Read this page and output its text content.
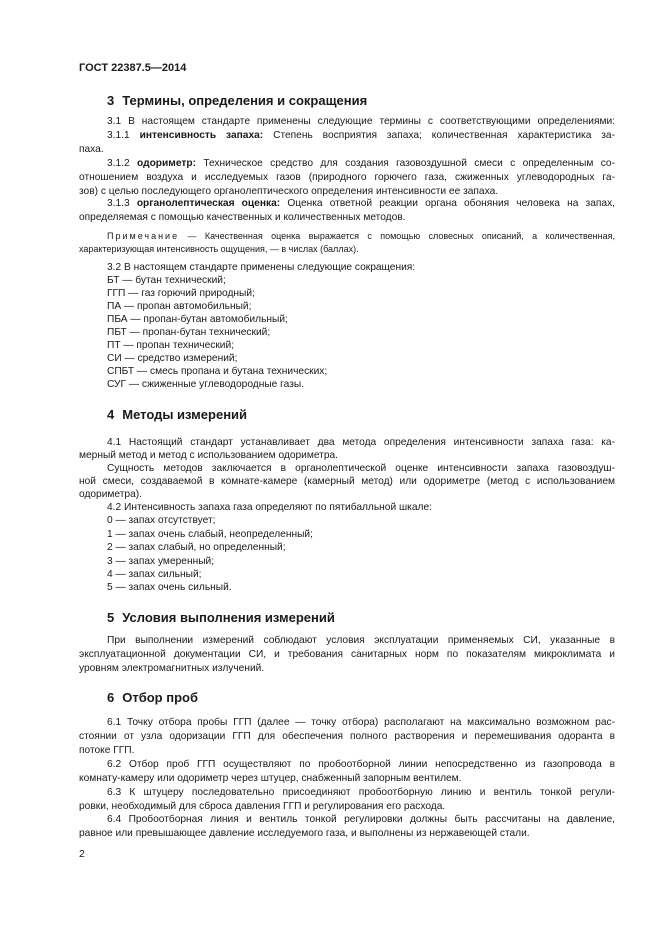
ГОСТ 22387.5—2014
3 Термины, определения и сокращения
3.1 В настоящем стандарте применены следующие термины с соответствующими определениями:
3.1.1 интенсивность запаха: Степень восприятия запаха; количественная характеристика за-
паха.
3.1.2 одориметр: Техническое средство для создания газовоздушной смеси с определенным со-
отношением воздуха и исследуемых газов (природного горючего газа, сжиженных углеводородных га-
зов) с целью последующего органолептического определения интенсивности ее запаха.
3.1.3 органолептическая оценка: Оценка ответной реакции органа обоняния человека на запах,
определяемая с помощью качественных и количественных методов.
Примечание — Качественная оценка выражается с помощью словесных описаний, а количественная,
характеризующая интенсивность ощущения, — в числах (баллах).
3.2 В настоящем стандарте применены следующие сокращения:
БТ — бутан технический;
ГГП — газ горючий природный;
ПА — пропан автомобильный;
ПБА — пропан-бутан автомобильный;
ПБТ — пропан-бутан технический;
ПТ — пропан технический;
СИ — средство измерений;
СПБТ — смесь пропана и бутана технических;
СУГ — сжиженные углеводородные газы.
4 Методы измерений
4.1 Настоящий стандарт устанавливает два метода определения интенсивности запаха газа: ка-
мерный метод и метод с использованием одориметра.
Сущность методов заключается в органолептической оценке интенсивности запаха газовоздуш-
ной смеси, создаваемой в комнате-камере (камерный метод) или одориметре (метод с использованием
одориметра).
4.2 Интенсивность запаха газа определяют по пятибалльной шкале:
0 — запах отсутствует;
1 — запах очень слабый, неопределенный;
2 — запах слабый, но определенный;
3 — запах умеренный;
4 — запах сильный;
5 — запах очень сильный.
5 Условия выполнения измерений
При выполнении измерений соблюдают условия эксплуатации применяемых СИ, указанные в
эксплуатационной документации СИ, и требования санитарных норм по показателям микроклимата и
уровням электромагнитных излучений.
6 Отбор проб
6.1 Точку отбора пробы ГГП (далее — точку отбора) располагают на максимально возможном рас-
стоянии от узла одоризации ГГП для обеспечения полного растворения и перемешивания одоранта в
потоке ГГП.
6.2 Отбор проб ГГП осуществляют по пробоотборной линии непосредственно из газопровода в
комнату-камеру или одориметр через штуцер, снабженный запорным вентилем.
6.3 К штуцеру последовательно присоединяют пробоотборную линию и вентиль тонкой регули-
ровки, необходимый для сброса давления ГГП и регулирования его расхода.
6.4 Пробоотборная линия и вентиль тонкой регулировки должны быть рассчитаны на давление,
равное или превышающее давление исследуемого газа, и выполнены из нержавеющей стали.
2
